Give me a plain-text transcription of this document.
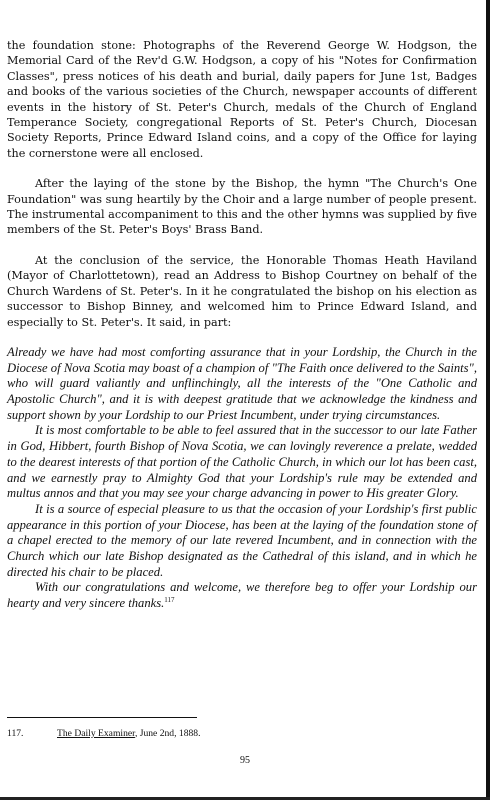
the foundation stone: Photographs of the Reverend George W. Hodgson, the Memorial Card of the Rev'd G.W. Hodgson, a copy of his "Notes for Confirmation Classes", press notices of his death and burial, daily papers for June 1st, Badges and books of the various societies of the Church, newspaper accounts of different events in the history of St. Peter's Church, medals of the Church of England Temperance Society, congregational Reports of St. Peter's Church, Diocesan Society Reports, Prince Edward Island coins, and a copy of the Office for laying the cornerstone were all enclosed.

After the laying of the stone by the Bishop, the hymn "The Church's One Foundation" was sung heartily by the Choir and a large number of people present. The instrumental accompaniment to this and the other hymns was supplied by five members of the St. Peter's Boys' Brass Band.

At the conclusion of the service, the Honorable Thomas Heath Haviland (Mayor of Charlottetown), read an Address to Bishop Courtney on behalf of the Church Wardens of St. Peter's. In it he congratulated the bishop on his election as successor to Bishop Binney, and welcomed him to Prince Edward Island, and especially to St. Peter's. It said, in part:

Already we have had most comforting assurance that in your Lordship, the Church in the Diocese of Nova Scotia may boast of a champion of "The Faith once delivered to the Saints", who will guard valiantly and unflinchingly, all the interests of the "One Catholic and Apostolic Church", and it is with deepest gratitude that we acknowledge the kindness and support shown by your Lordship to our Priest Incumbent, under trying circumstances.

It is most comfortable to be able to feel assured that in the successor to our late Father in God, Hibbert, fourth Bishop of Nova Scotia, we can lovingly reverence a prelate, wedded to the dearest interests of that portion of the Catholic Church, in which our lot has been cast, and we earnestly pray to Almighty God that your Lordship's rule may be extended and multus annos and that you may see your charge advancing in power to His greater Glory.

It is a source of especial pleasure to us that the occasion of your Lordship's first public appearance in this portion of your Diocese, has been at the laying of the foundation stone of a chapel erected to the memory of our late revered Incumbent, and in connection with the Church which our late Bishop designated as the Cathedral of this island, and in which he directed his chair to be placed.

With our congratulations and welcome, we therefore beg to offer your Lordship our hearty and very sincere thanks.$^{117}$

117.	The Daily Examiner, June 2nd, 1888.
95
